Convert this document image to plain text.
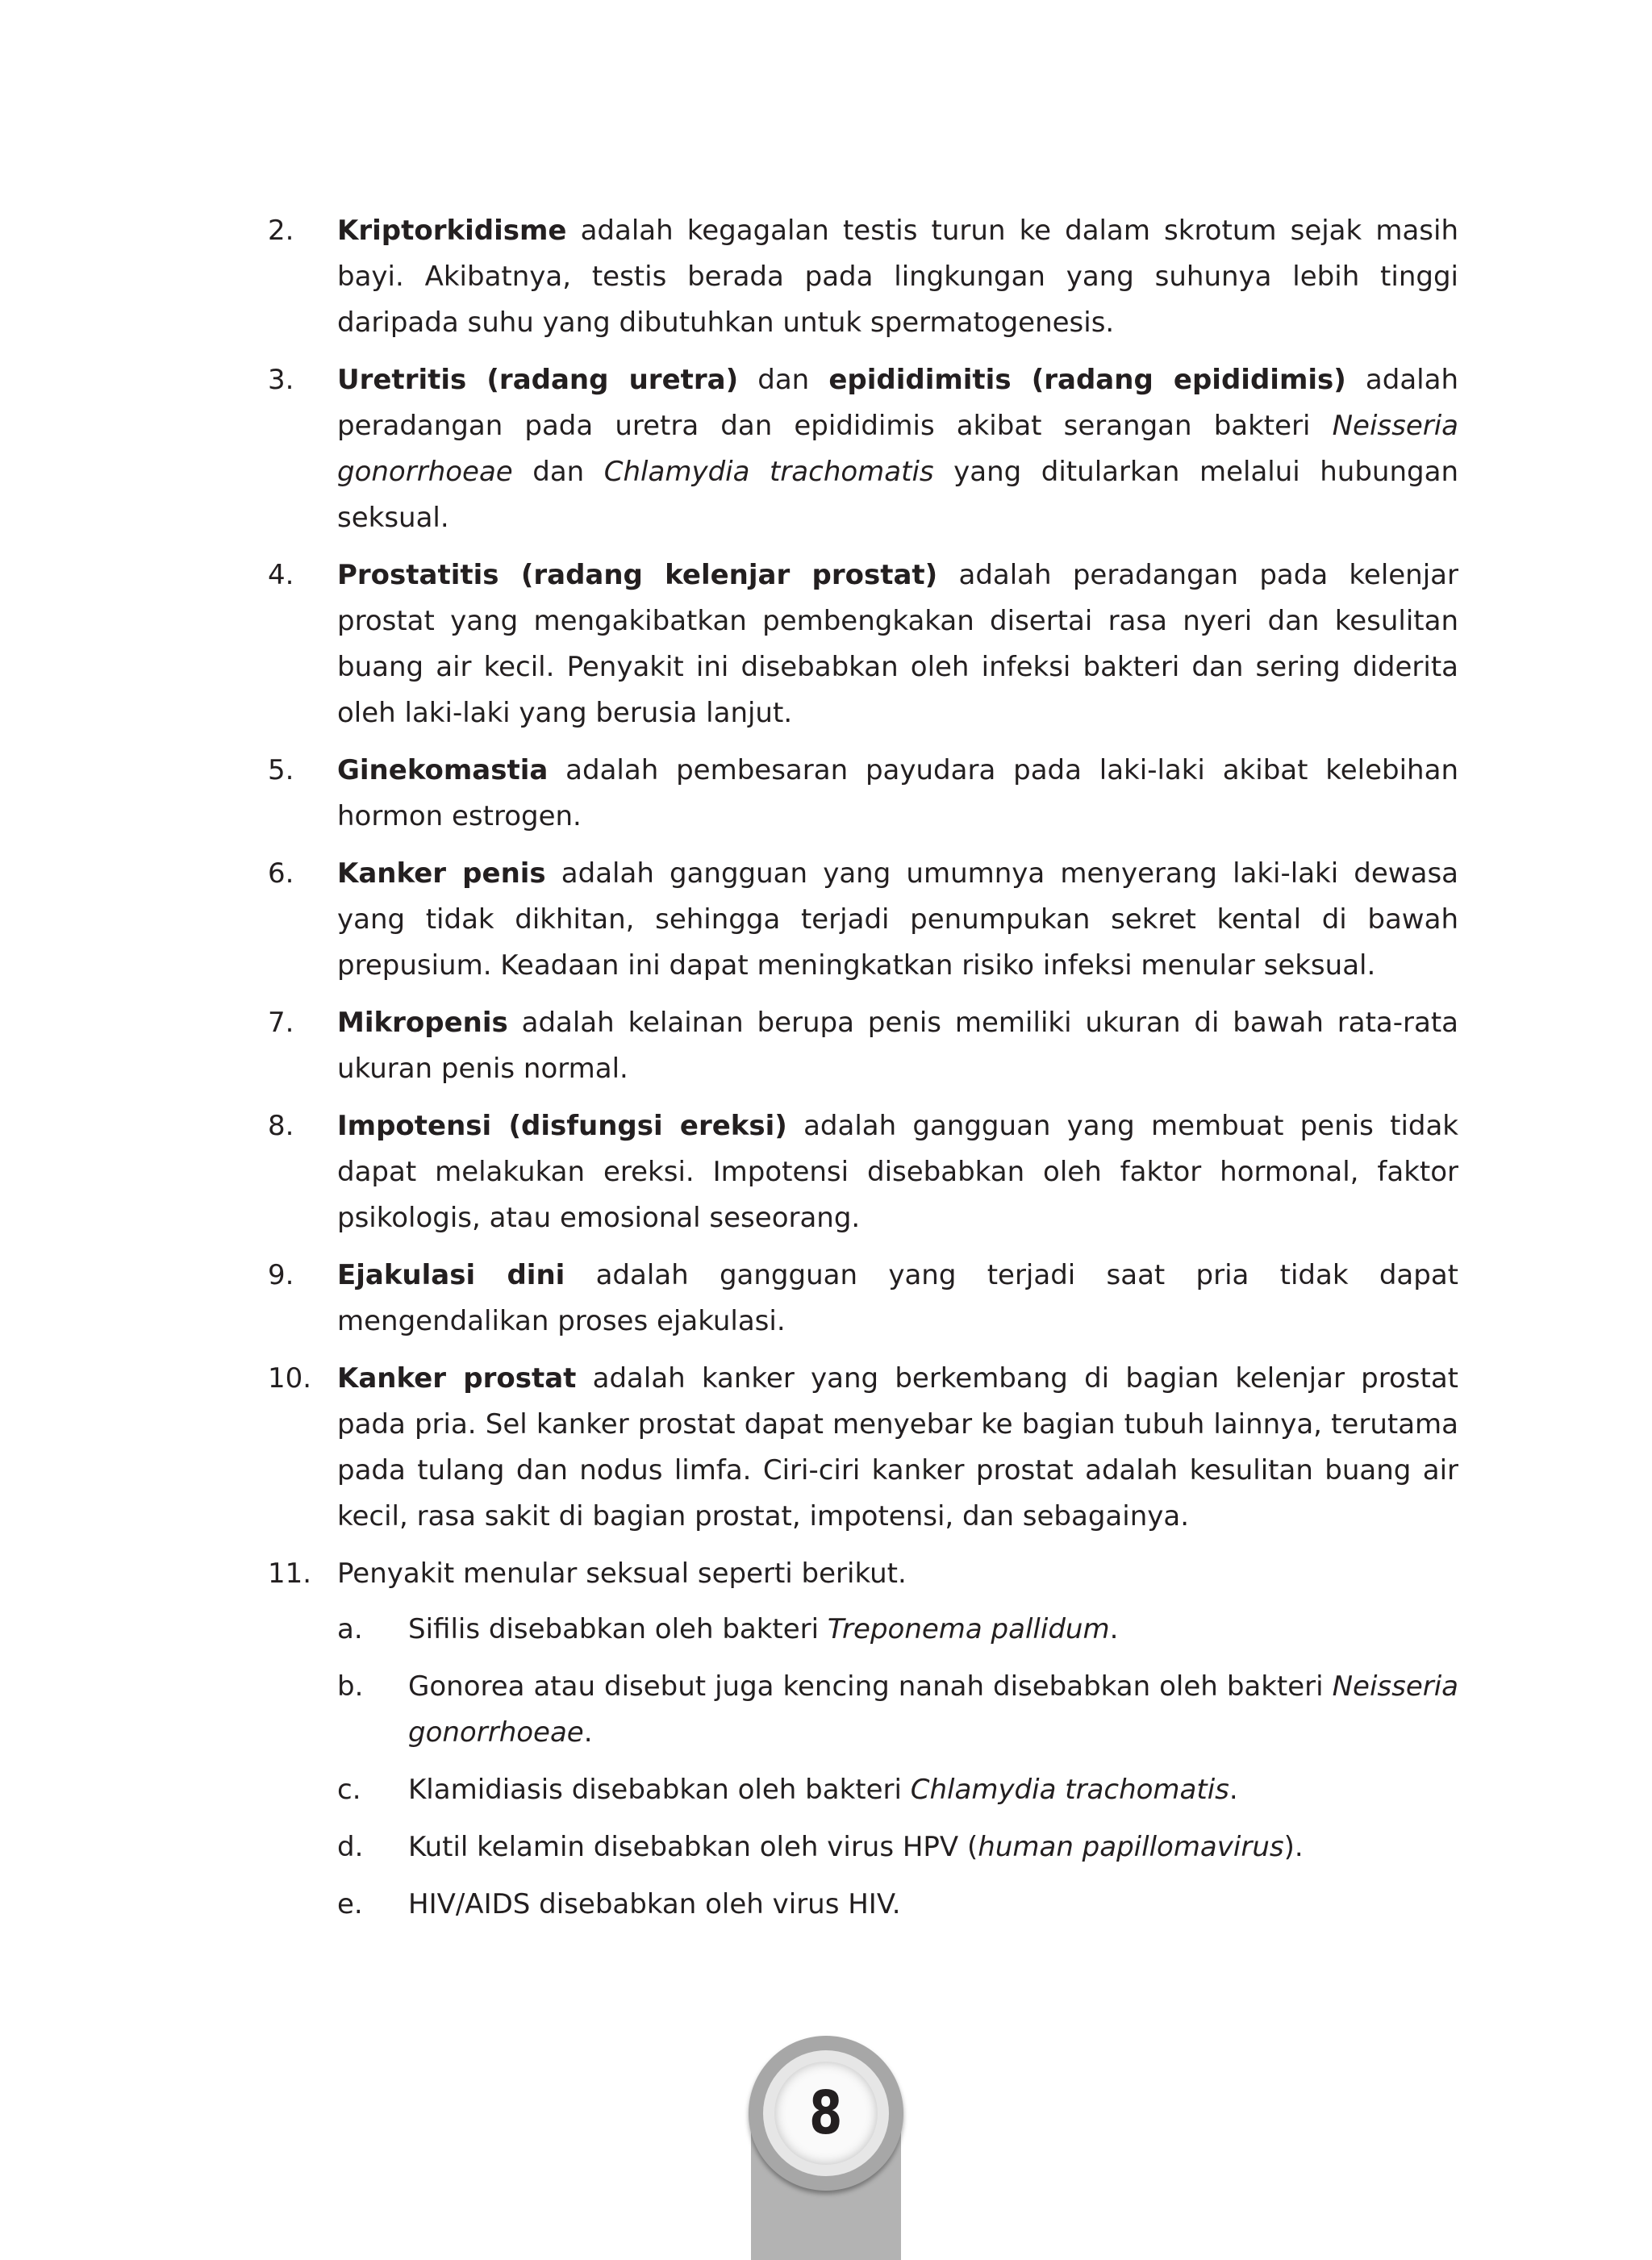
2.	Kriptorkidisme adalah kegagalan testis turun ke dalam skrotum sejak masih bayi. Akibatnya, testis berada pada lingkungan yang suhunya lebih tinggi daripada suhu yang dibutuhkan untuk spermatogenesis.
3.	Uretritis (radang uretra) dan epididimitis (radang epididimis) adalah peradangan pada uretra dan epididimis akibat serangan bakteri Neisseria gonorrhoeae dan Chlamydia trachomatis yang ditularkan melalui hubungan seksual.
4.	Prostatitis (radang kelenjar prostat) adalah peradangan pada kelenjar prostat yang mengakibatkan pembengkakan disertai rasa nyeri dan kesulitan buang air kecil. Penyakit ini disebabkan oleh infeksi bakteri dan sering diderita oleh laki-laki yang berusia lanjut.
5.	Ginekomastia adalah pembesaran payudara pada laki-laki akibat kelebihan hormon estrogen.
6.	Kanker penis adalah gangguan yang umumnya menyerang laki-laki dewasa yang tidak dikhitan, sehingga terjadi penumpukan sekret kental di bawah prepusium. Keadaan ini dapat meningkatkan risiko infeksi menular seksual.
7.	Mikropenis adalah kelainan berupa penis memiliki ukuran di bawah rata-rata ukuran penis normal.
8.	Impotensi (disfungsi ereksi) adalah gangguan yang membuat penis tidak dapat melakukan ereksi. Impotensi disebabkan oleh faktor hormonal, faktor psikologis, atau emosional seseorang.
9.	Ejakulasi dini adalah gangguan yang terjadi saat pria tidak dapat mengendalikan proses ejakulasi.
10. Kanker prostat adalah kanker yang berkembang di bagian kelenjar prostat pada pria. Sel kanker prostat dapat menyebar ke bagian tubuh lainnya, terutama pada tulang dan nodus limfa. Ciri-ciri kanker prostat adalah kesulitan buang air kecil, rasa sakit di bagian prostat, impotensi, dan sebagainya.
11. Penyakit menular seksual seperti berikut.
a.	Sifilis disebabkan oleh bakteri Treponema pallidum.
b.	Gonorea atau disebut juga kencing nanah disebabkan oleh bakteri Neisseria gonorrhoeae.
c.	Klamidiasis disebabkan oleh bakteri Chlamydia trachomatis.
d.	Kutil kelamin disebabkan oleh virus HPV (human papillomavirus).
e.	HIV/AIDS disebabkan oleh virus HIV.
8
